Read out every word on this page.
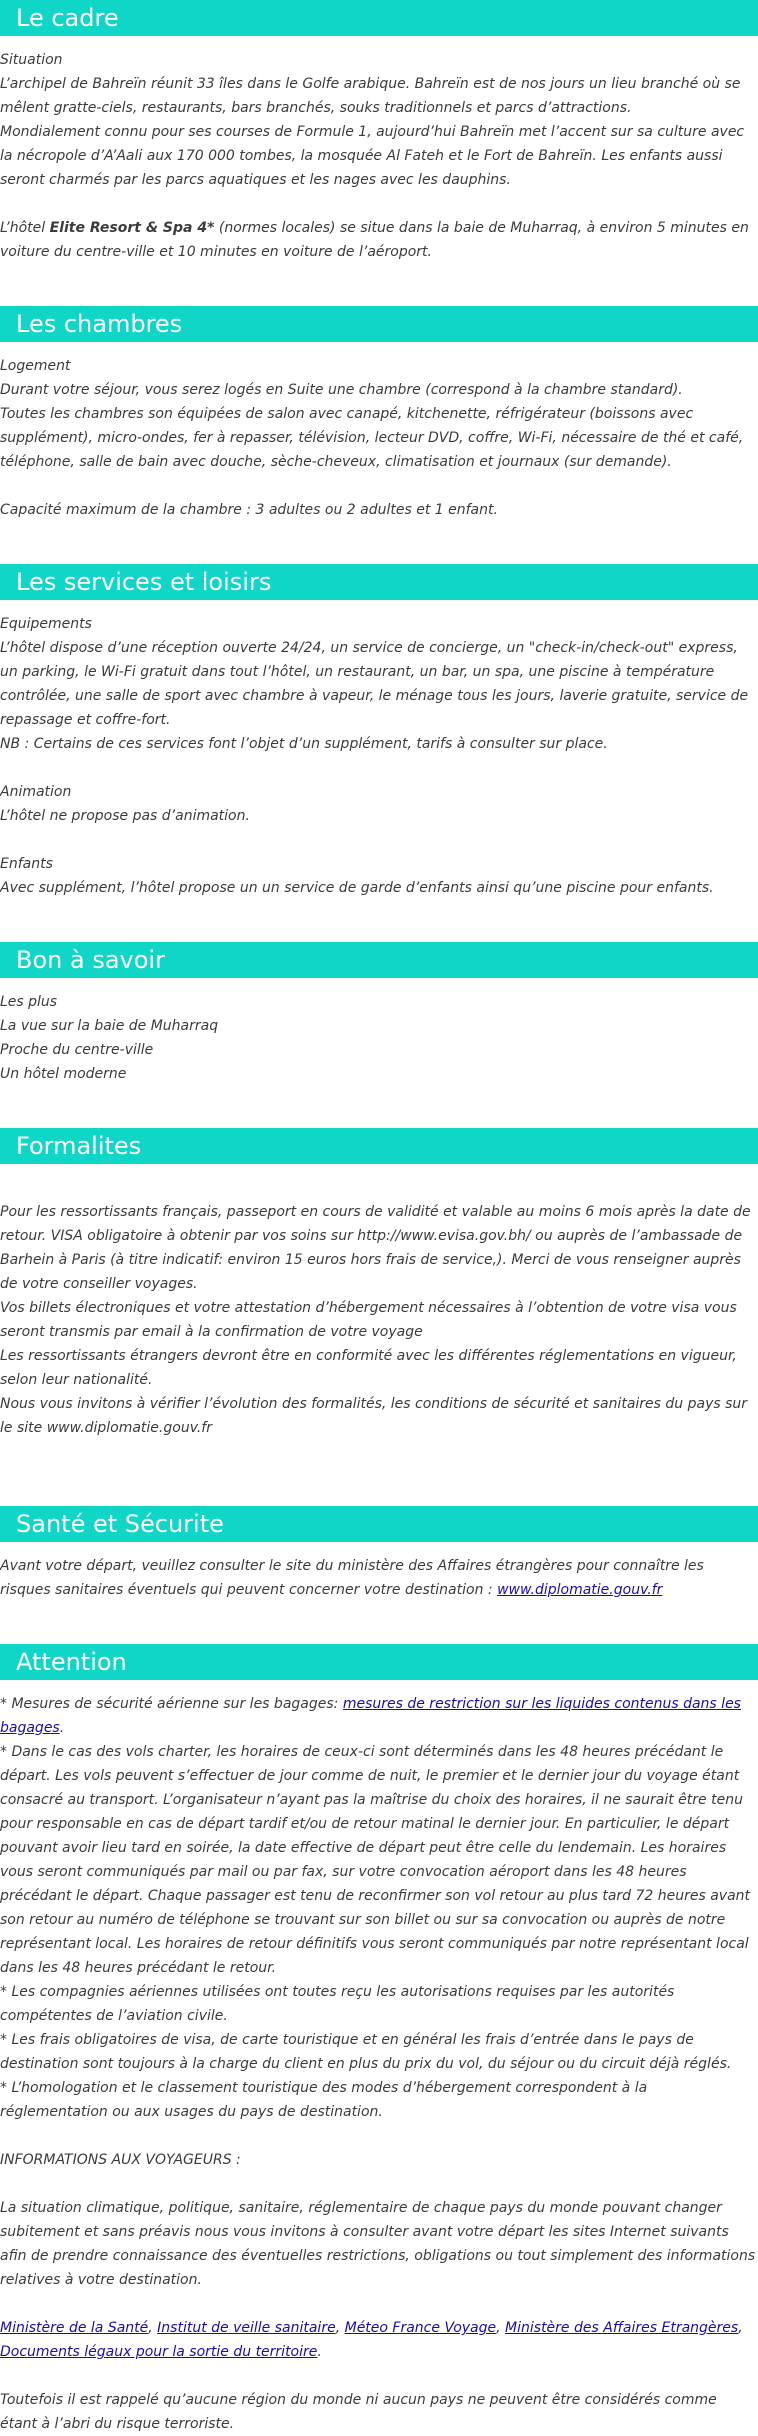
Le cadre

Situation

L’archipel de Bahreïn réunit 33 îles dans le Golfe arabique. Bahreïn est de nos jours un lieu branché où se mêlent gratte-ciels, restaurants, bars branchés, souks traditionnels et parcs d’attractions.

Mondialement connu pour ses courses de Formule 1, aujourd’hui Bahreïn met l’accent sur sa culture avec la nécropole d’A’Aali aux 170 000 tombes, la mosquée Al Fateh et le Fort de Bahreïn. Les enfants aussi seront charmés par les parcs aquatiques et les nages avec les dauphins.

L’hôtel Elite Resort & Spa 4* (normes locales) se situe dans la baie de Muharraq, à environ 5 minutes en voiture du centre-ville et 10 minutes en voiture de l’aéroport.

Les chambres

Logement

Durant votre séjour, vous serez logés en Suite une chambre (correspond à la chambre standard).

Toutes les chambres son équipées de salon avec canapé, kitchenette, réfrigérateur (boissons avec supplément), micro-ondes, fer à repasser, télévision, lecteur DVD, coffre, Wi-Fi, nécessaire de thé et café, téléphone, salle de bain avec douche, sèche-cheveux, climatisation et journaux (sur demande).

Capacité maximum de la chambre : 3 adultes ou 2 adultes et 1 enfant.

Les services et loisirs

Equipements

L’hôtel dispose d’une réception ouverte 24/24, un service de concierge, un "check-in/check-out" express, un parking, le Wi-Fi gratuit dans tout l’hôtel, un restaurant, un bar, un spa, une piscine à température contrôlée, une salle de sport avec chambre à vapeur, le ménage tous les jours, laverie gratuite, service de repassage et coffre-fort.

NB : Certains de ces services font l’objet d’un supplément, tarifs à consulter sur place.

Animation

L’hôtel ne propose pas d’animation.

Enfants

Avec supplément, l’hôtel propose un un service de garde d’enfants ainsi qu’une piscine pour enfants.

Bon à savoir

Les plus

La vue sur la baie de Muharraq

Proche du centre-ville

Un hôtel moderne

Formalites

Pour les ressortissants français, passeport en cours de validité et valable au moins 6 mois après la date de retour. VISA obligatoire à obtenir par vos soins sur http://www.evisa.gov.bh/ ou auprès de l’ambassade de Barhein à Paris (à titre indicatif: environ 15 euros hors frais de service,). Merci de vous renseigner auprès de votre conseiller voyages.

Vos billets électroniques et votre attestation d’hébergement nécessaires à l’obtention de votre visa vous seront transmis par email à la confirmation de votre voyage

Les ressortissants étrangers devront être en conformité avec les différentes réglementations en vigueur, selon leur nationalité.

Nous vous invitons à vérifier l’évolution des formalités, les conditions de sécurité et sanitaires du pays sur le site www.diplomatie.gouv.fr

Santé et Sécurite

Avant votre départ, veuillez consulter le site du ministère des Affaires étrangères pour connaître les risques sanitaires éventuels qui peuvent concerner votre destination : www.diplomatie.gouv.fr

Attention

* Mesures de sécurité aérienne sur les bagages: mesures de restriction sur les liquides contenus dans les bagages.

* Dans le cas des vols charter, les horaires de ceux-ci sont déterminés dans les 48 heures précédant le départ. Les vols peuvent s’effectuer de jour comme de nuit, le premier et le dernier jour du voyage étant consacré au transport. L’organisateur n’ayant pas la maîtrise du choix des horaires, il ne saurait être tenu pour responsable en cas de départ tardif et/ou de retour matinal le dernier jour. En particulier, le départ pouvant avoir lieu tard en soirée, la date effective de départ peut être celle du lendemain. Les horaires vous seront communiqués par mail ou par fax, sur votre convocation aéroport dans les 48 heures précédant le départ. Chaque passager est tenu de reconfirmer son vol retour au plus tard 72 heures avant son retour au numéro de téléphone se trouvant sur son billet ou sur sa convocation ou auprès de notre représentant local. Les horaires de retour définitifs vous seront communiqués par notre représentant local dans les 48 heures précédant le retour.

* Les compagnies aériennes utilisées ont toutes reçu les autorisations requises par les autorités compétentes de l’aviation civile.

* Les frais obligatoires de visa, de carte touristique et en général les frais d’entrée dans le pays de destination sont toujours à la charge du client en plus du prix du vol, du séjour ou du circuit déjà réglés.

* L’homologation et le classement touristique des modes d’hébergement correspondent à la réglementation ou aux usages du pays de destination.

INFORMATIONS AUX VOYAGEURS :

La situation climatique, politique, sanitaire, réglementaire de chaque pays du monde pouvant changer subitement et sans préavis nous vous invitons à consulter avant votre départ les sites Internet suivants afin de prendre connaissance des éventuelles restrictions, obligations ou tout simplement des informations relatives à votre destination.

Ministère de la Santé, Institut de veille sanitaire, Méteo France Voyage, Ministère des Affaires Etrangères, Documents légaux pour la sortie du territoire.

Toutefois il est rappelé qu’aucune région du monde ni aucun pays ne peuvent être considérés comme étant à l’abri du risque terroriste.
